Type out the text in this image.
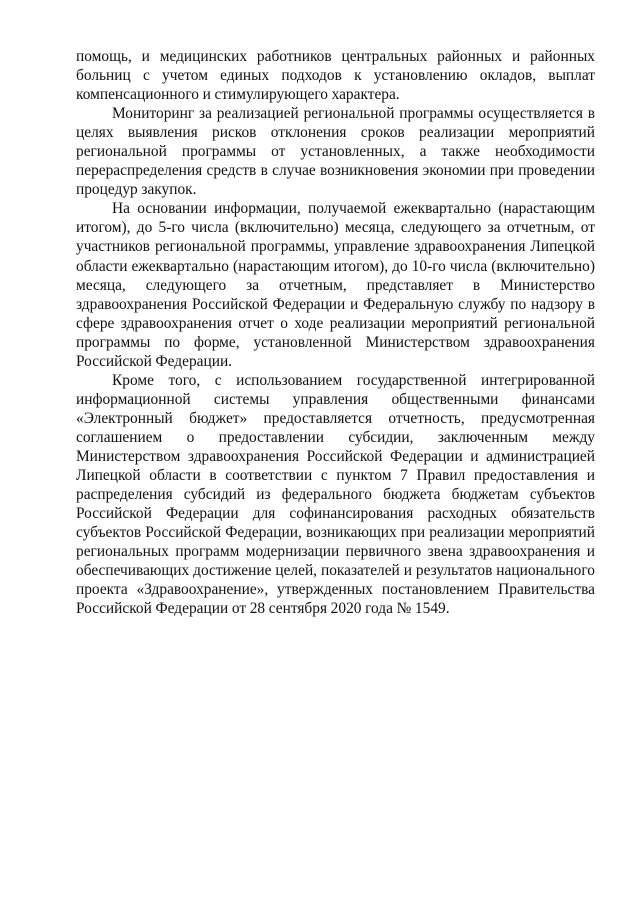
помощь, и медицинских работников центральных районных и районных больниц с учетом единых подходов к установлению окладов, выплат компенсационного и стимулирующего характера.

Мониторинг за реализацией региональной программы осуществляется в целях выявления рисков отклонения сроков реализации мероприятий региональной программы от установленных, а также необходимости перераспределения средств в случае возникновения экономии при проведении процедур закупок.

На основании информации, получаемой ежеквартально (нарастающим итогом), до 5-го числа (включительно) месяца, следующего за отчетным, от участников региональной программы, управление здравоохранения Липецкой области ежеквартально (нарастающим итогом), до 10-го числа (включительно) месяца, следующего за отчетным, представляет в Министерство здравоохранения Российской Федерации и Федеральную службу по надзору в сфере здравоохранения отчет о ходе реализации мероприятий региональной программы по форме, установленной Министерством здравоохранения Российской Федерации.

Кроме того, с использованием государственной интегрированной информационной системы управления общественными финансами «Электронный бюджет» предоставляется отчетность, предусмотренная соглашением о предоставлении субсидии, заключенным между Министерством здравоохранения Российской Федерации и администрацией Липецкой области в соответствии с пунктом 7 Правил предоставления и распределения субсидий из федерального бюджета бюджетам субъектов Российской Федерации для софинансирования расходных обязательств субъектов Российской Федерации, возникающих при реализации мероприятий региональных программ модернизации первичного звена здравоохранения и обеспечивающих достижение целей, показателей и результатов национального проекта «Здравоохранение», утвержденных постановлением Правительства Российской Федерации от 28 сентября 2020 года № 1549.
